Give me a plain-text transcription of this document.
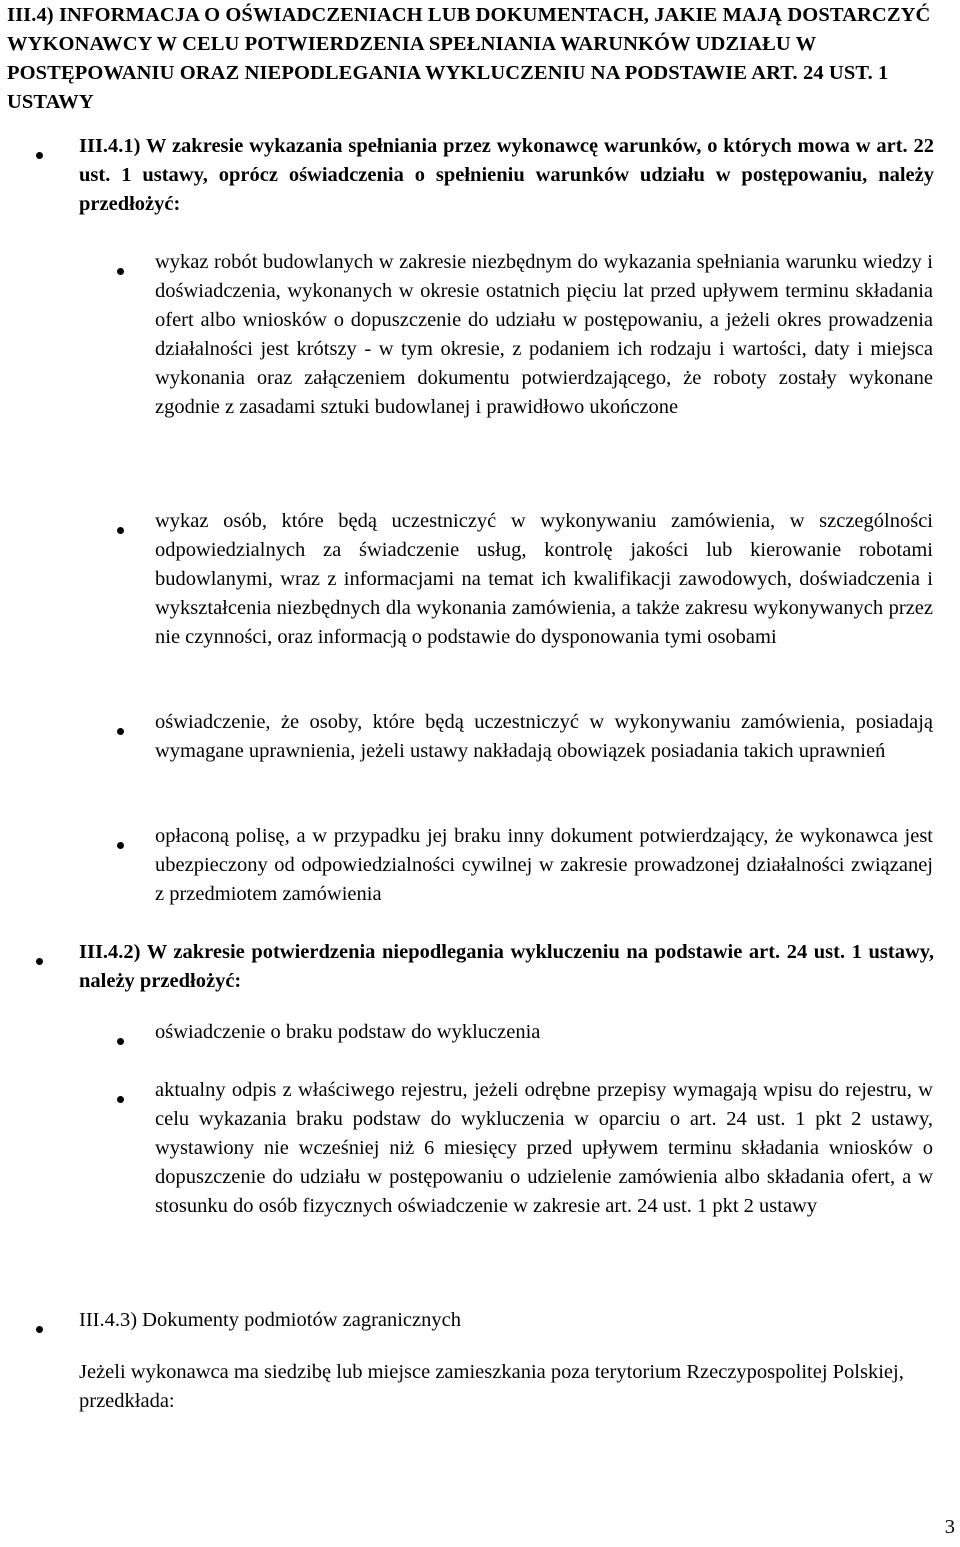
III.4) INFORMACJA O OŚWIADCZENIACH LUB DOKUMENTACH, JAKIE MAJĄ DOSTARCZYĆ WYKONAWCY W CELU POTWIERDZENIA SPEŁNIANIA WARUNKÓW UDZIAŁU W POSTĘPOWANIU ORAZ NIEPODLEGANIA WYKLUCZENIU NA PODSTAWIE ART. 24 UST. 1 USTAWY

III.4.1) W zakresie wykazania spełniania przez wykonawcę warunków, o których mowa w art. 22 ust. 1 ustawy, oprócz oświadczenia o spełnieniu warunków udziału w postępowaniu, należy przedłożyć:

wykaz robót budowlanych w zakresie niezbędnym do wykazania spełniania warunku wiedzy i doświadczenia, wykonanych w okresie ostatnich pięciu lat przed upływem terminu składania ofert albo wniosków o dopuszczenie do udziału w postępowaniu, a jeżeli okres prowadzenia działalności jest krótszy - w tym okresie, z podaniem ich rodzaju i wartości, daty i miejsca wykonania oraz załączeniem dokumentu potwierdzającego, że roboty zostały wykonane zgodnie z zasadami sztuki budowlanej i prawidłowo ukończone

wykaz osób, które będą uczestniczyć w wykonywaniu zamówienia, w szczególności odpowiedzialnych za świadczenie usług, kontrolę jakości lub kierowanie robotami budowlanymi, wraz z informacjami na temat ich kwalifikacji zawodowych, doświadczenia i wykształcenia niezbędnych dla wykonania zamówienia, a także zakresu wykonywanych przez nie czynności, oraz informacją o podstawie do dysponowania tymi osobami

oświadczenie, że osoby, które będą uczestniczyć w wykonywaniu zamówienia, posiadają wymagane uprawnienia, jeżeli ustawy nakładają obowiązek posiadania takich uprawnień

opłaconą polisę, a w przypadku jej braku inny dokument potwierdzający, że wykonawca jest ubezpieczony od odpowiedzialności cywilnej w zakresie prowadzonej działalności związanej z przedmiotem zamówienia

III.4.2) W zakresie potwierdzenia niepodlegania wykluczeniu na podstawie art. 24 ust. 1 ustawy, należy przedłożyć:

oświadczenie o braku podstaw do wykluczenia

aktualny odpis z właściwego rejestru, jeżeli odrębne przepisy wymagają wpisu do rejestru, w celu wykazania braku podstaw do wykluczenia w oparciu o art. 24 ust. 1 pkt 2 ustawy, wystawiony nie wcześniej niż 6 miesięcy przed upływem terminu składania wniosków o dopuszczenie do udziału w postępowaniu o udzielenie zamówienia albo składania ofert, a w stosunku do osób fizycznych oświadczenie w zakresie art. 24 ust. 1 pkt 2 ustawy

III.4.3) Dokumenty podmiotów zagranicznych

Jeżeli wykonawca ma siedzibę lub miejsce zamieszkania poza terytorium Rzeczypospolitej Polskiej, przedkłada:

3
